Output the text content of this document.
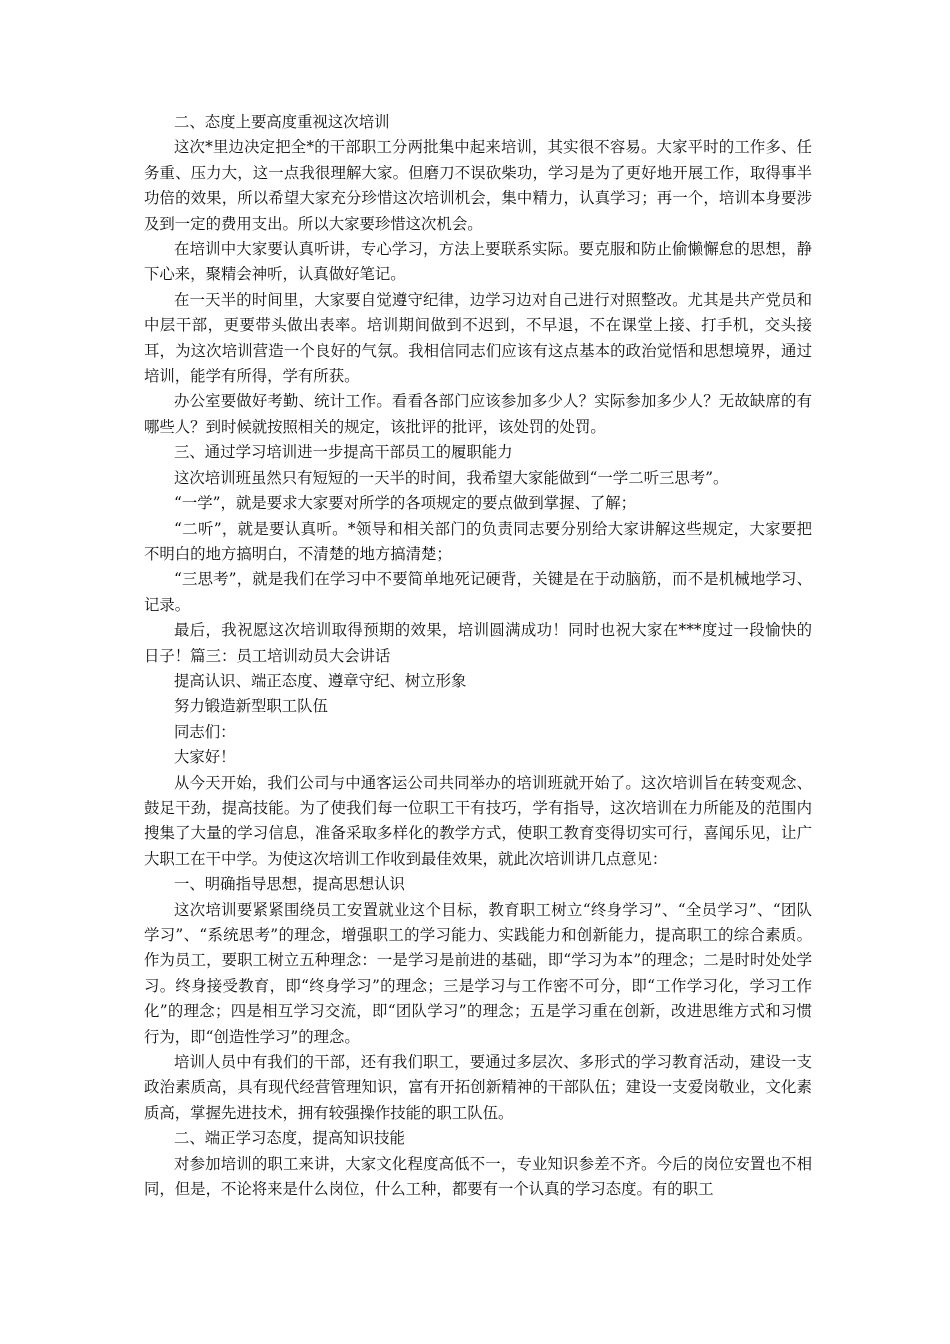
二、态度上要高度重视这次培训

这次*里边决定把全*的干部职工分两批集中起来培训，其实很不容易。大家平时的工作多、任务重、压力大，这一点我很理解大家。但磨刀不误砍柴功，学习是为了更好地开展工作，取得事半功倍的效果，所以希望大家充分珍惜这次培训机会，集中精力，认真学习；再一个，培训本身要涉及到一定的费用支出。所以大家要珍惜这次机会。

在培训中大家要认真听讲，专心学习，方法上要联系实际。要克服和防止偷懒懈怠的思想，静下心来，聚精会神听，认真做好笔记。

在一天半的时间里，大家要自觉遵守纪律，边学习边对自己进行对照整改。尤其是共产党员和中层干部，更要带头做出表率。培训期间做到不迟到，不早退，不在课堂上接、打手机，交头接耳，为这次培训营造一个良好的气氛。我相信同志们应该有这点基本的政治觉悟和思想境界，通过培训，能学有所得，学有所获。

办公室要做好考勤、统计工作。看看各部门应该参加多少人？实际参加多少人？无故缺席的有哪些人？到时候就按照相关的规定，该批评的批评，该处罚的处罚。

三、通过学习培训进一步提高干部员工的履职能力

这次培训班虽然只有短短的一天半的时间，我希望大家能做到“一学二听三思考”。

“一学”，就是要求大家要对所学的各项规定的要点做到掌握、了解；

“二听”，就是要认真听。*领导和相关部门的负责同志要分别给大家讲解这些规定，大家要把不明白的地方搞明白，不清楚的地方搞清楚；

“三思考”，就是我们在学习中不要简单地死记硬背，关键是在于动脑筋，而不是机械地学习、记录。

最后，我祝愿这次培训取得预期的效果，培训圆满成功！同时也祝大家在***度过一段愉快的日子！篇三：员工培训动员大会讲话

提高认识、端正态度、遵章守纪、树立形象

努力锻造新型职工队伍

同志们：

大家好！

从今天开始，我们公司与中通客运公司共同举办的培训班就开始了。这次培训旨在转变观念、鼓足干劲，提高技能。为了使我们每一位职工干有技巧，学有指导，这次培训在力所能及的范围内搜集了大量的学习信息，准备采取多样化的教学方式，使职工教育变得切实可行，喜闻乐见，让广大职工在干中学。为使这次培训工作收到最佳效果，就此次培训讲几点意见：

一、明确指导思想，提高思想认识

这次培训要紧紧围绕员工安置就业这个目标，教育职工树立“终身学习”、“全员学习”、“团队学习”、“系统思考”的理念，增强职工的学习能力、实践能力和创新能力，提高职工的综合素质。作为员工，要职工树立五种理念：一是学习是前进的基础，即“学习为本”的理念；二是时时处处学习。终身接受教育，即“终身学习”的理念；三是学习与工作密不可分，即“工作学习化，学习工作化”的理念；四是相互学习交流，即“团队学习”的理念；五是学习重在创新，改进思维方式和习惯行为，即“创造性学习”的理念。

培训人员中有我们的干部，还有我们职工，要通过多层次、多形式的学习教育活动，建设一支政治素质高，具有现代经营管理知识，富有开拓创新精神的干部队伍；建设一支爱岗敬业，文化素质高，掌握先进技术，拥有较强操作技能的职工队伍。

二、端正学习态度，提高知识技能

对参加培训的职工来讲，大家文化程度高低不一，专业知识参差不齐。今后的岗位安置也不相同，但是，不论将来是什么岗位，什么工种，都要有一个认真的学习态度。有的职工
